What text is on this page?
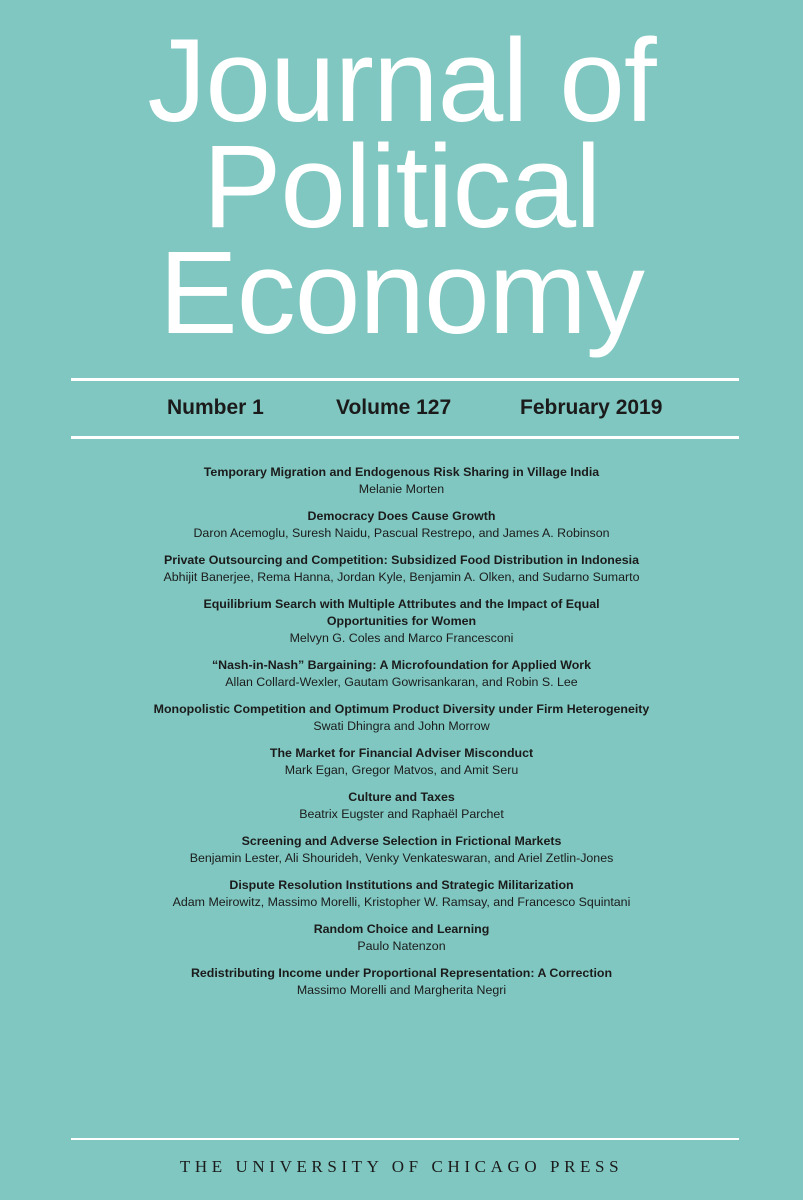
Journal of
Political
Economy
Number 1	Volume 127	February 2019
Temporary Migration and Endogenous Risk Sharing in Village India
Melanie Morten
Democracy Does Cause Growth
Daron Acemoglu, Suresh Naidu, Pascual Restrepo, and James A. Robinson
Private Outsourcing and Competition: Subsidized Food Distribution in Indonesia
Abhijit Banerjee, Rema Hanna, Jordan Kyle, Benjamin A. Olken, and Sudarno Sumarto
Equilibrium Search with Multiple Attributes and the Impact of Equal
Opportunities for Women
Melvyn G. Coles and Marco Francesconi
“Nash-in-Nash” Bargaining: A Microfoundation for Applied Work
Allan Collard-Wexler, Gautam Gowrisankaran, and Robin S. Lee
Monopolistic Competition and Optimum Product Diversity under Firm Heterogeneity
Swati Dhingra and John Morrow
The Market for Financial Adviser Misconduct
Mark Egan, Gregor Matvos, and Amit Seru
Culture and Taxes
Beatrix Eugster and Raphaël Parchet
Screening and Adverse Selection in Frictional Markets
Benjamin Lester, Ali Shourideh, Venky Venkateswaran, and Ariel Zetlin-Jones
Dispute Resolution Institutions and Strategic Militarization
Adam Meirowitz, Massimo Morelli, Kristopher W. Ramsay, and Francesco Squintani
Random Choice and Learning
Paulo Natenzon
Redistributing Income under Proportional Representation: A Correction
Massimo Morelli and Margherita Negri
THE UNIVERSITY OF CHICAGO PRESS
